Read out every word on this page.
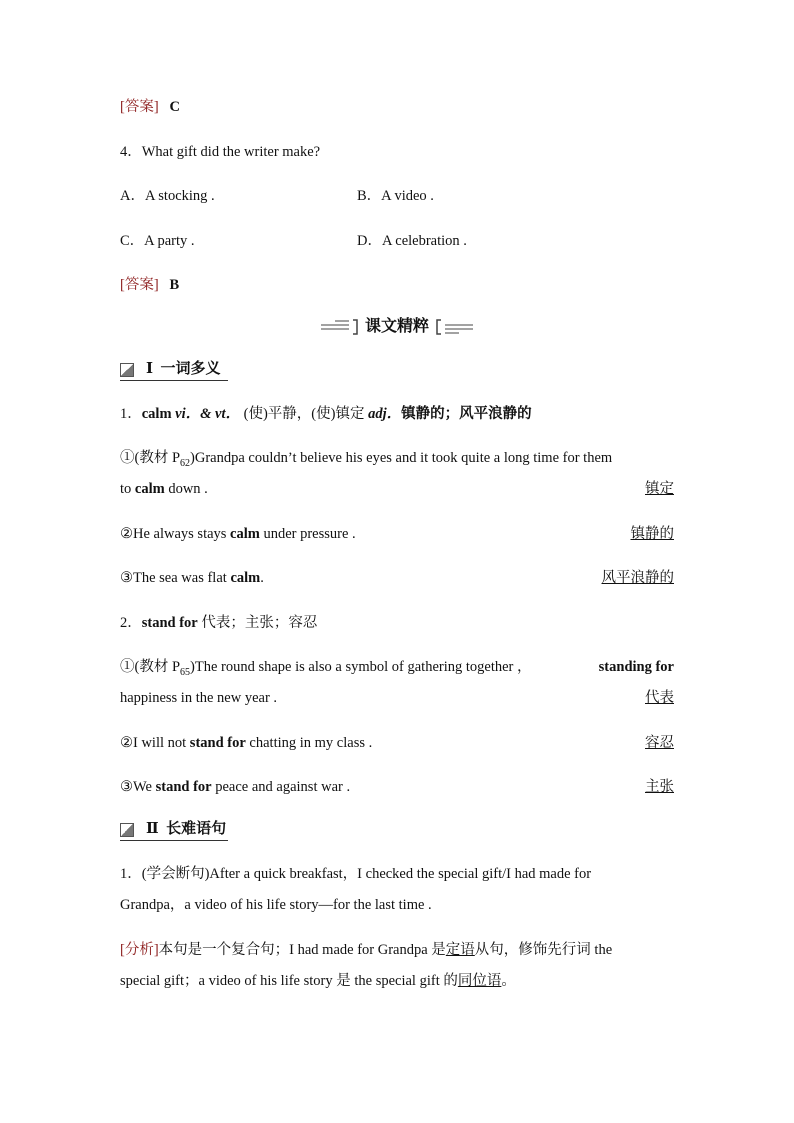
[答案] C
4．What gift did the writer make?
A．A stocking .	B．A video .
C．A party .	D．A celebration .
[答案] B
课文精粹
Ⅰ 一词多义
1．calm vi．& vt． (使)平静，(使)镇定 adj．镇静的；风平浪静的
①(教材 $P_{62})Grandpa$ couldn’t believe his eyes and it took quite a long time for them
to calm down .	镇定
②He always stays calm under pressure .	镇静的
③The sea was flat calm.	风平浪静的
2．stand for 代表；主张；容忍
①(教材 $P_{65})The$ round shape is also a symbol of gathering together ，	standing for
happiness in the new year .	代表
②I will not stand for chatting in my class .	容忍
③We stand for peace and against war .	主张
Ⅱ 长难语句
1．(学会断句)After a quick breakfast，I checked the special gift/I had made for
Grandpa，a video of his life story—for the last time .
[分析]本句是一个复合句；I had made for Grandpa 是定语从句，修饰先行词 the
special gift；a video of his life story 是 the special gift 的同位语。
